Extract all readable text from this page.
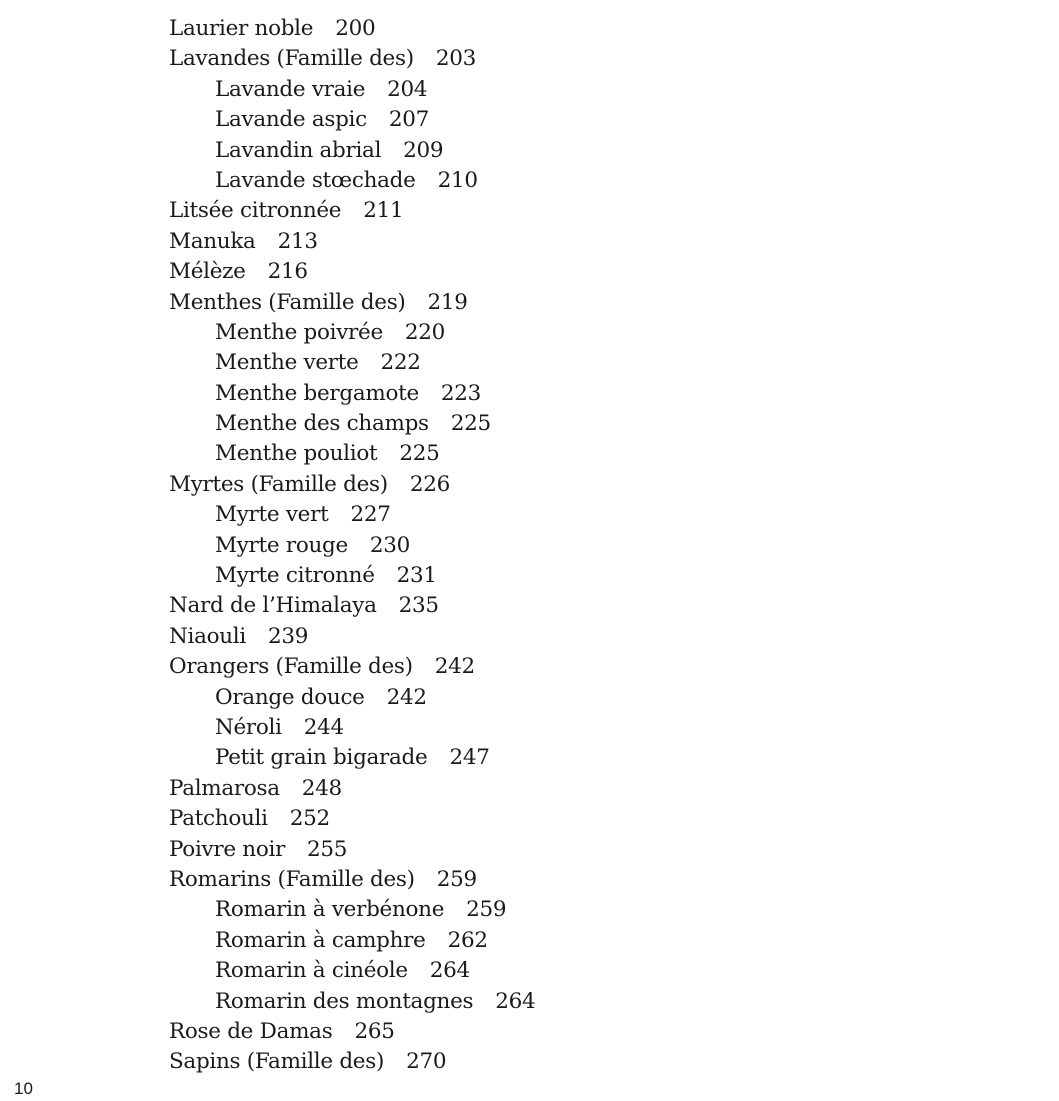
Laurier noble 200
Lavandes (Famille des) 203
Lavande vraie 204
Lavande aspic 207
Lavandin abrial 209
Lavande stœchade 210
Litsée citronnée 211
Manuka 213
Mélèze 216
Menthes (Famille des) 219
Menthe poivrée 220
Menthe verte 222
Menthe bergamote 223
Menthe des champs 225
Menthe pouliot 225
Myrtes (Famille des) 226
Myrte vert 227
Myrte rouge 230
Myrte citronné 231
Nard de l’Himalaya 235
Niaouli 239
Orangers (Famille des) 242
Orange douce 242
Néroli 244
Petit grain bigarade 247
Palmarosa 248
Patchouli 252
Poivre noir 255
Romarins (Famille des) 259
Romarin à verbénone 259
Romarin à camphre 262
Romarin à cinéole 264
Romarin des montagnes 264
Rose de Damas 265
Sapins (Famille des) 270
10
